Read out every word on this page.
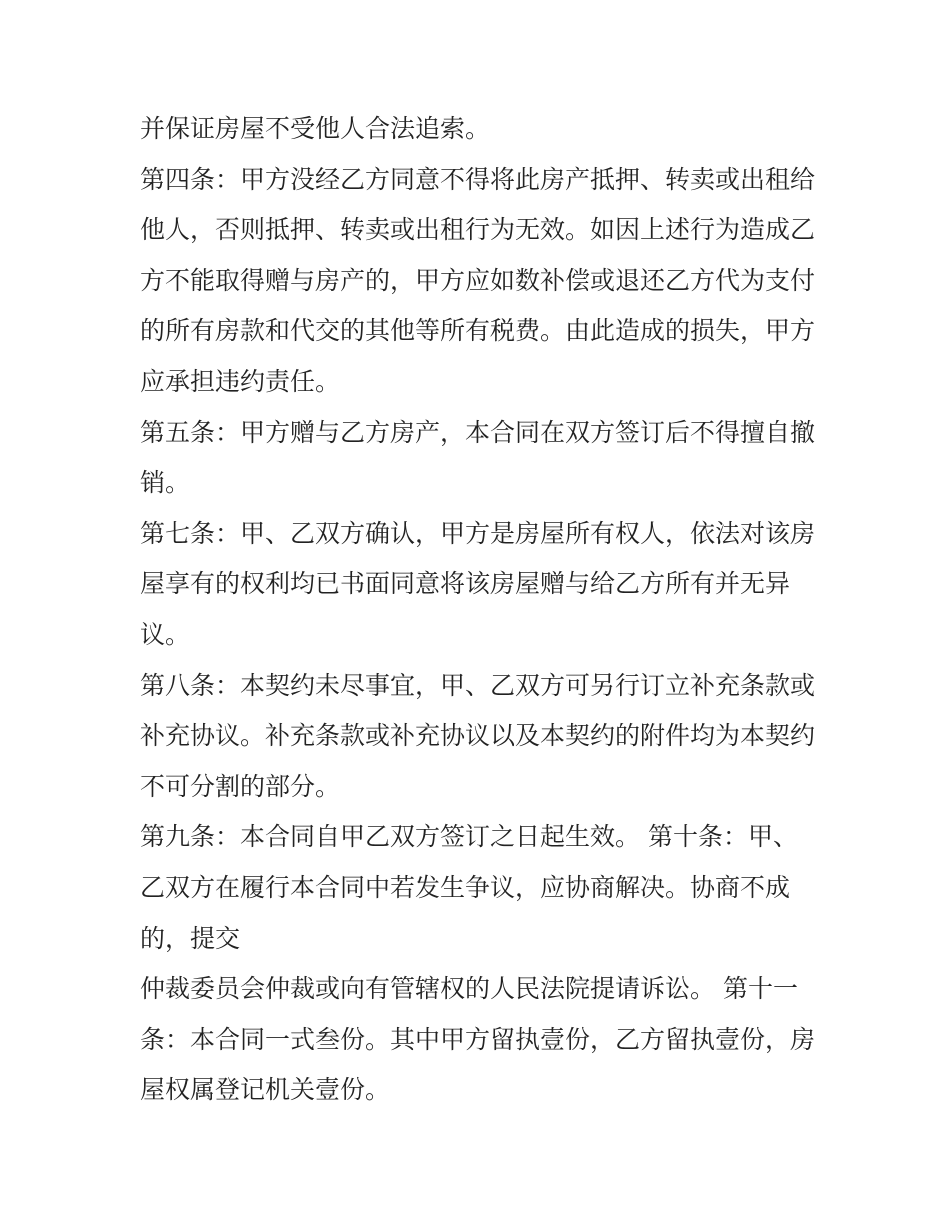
并保证房屋不受他人合法追索。

第四条：甲方没经乙方同意不得将此房产抵押、转卖或出租给

他人，否则抵押、转卖或出租行为无效。如因上述行为造成乙

方不能取得赠与房产的，甲方应如数补偿或退还乙方代为支付

的所有房款和代交的其他等所有税费。由此造成的损失，甲方

应承担违约责任。

第五条：甲方赠与乙方房产，本合同在双方签订后不得擅自撤

销。

第七条：甲、乙双方确认，甲方是房屋所有权人，依法对该房

屋享有的权利均已书面同意将该房屋赠与给乙方所有并无异

议。

第八条：本契约未尽事宜，甲、乙双方可另行订立补充条款或

补充协议。补充条款或补充协议以及本契约的附件均为本契约

不可分割的部分。

第九条：本合同自甲乙双方签订之日起生效。 第十条：甲、

乙双方在履行本合同中若发生争议，应协商解决。协商不成

的，提交

仲裁委员会仲裁或向有管辖权的人民法院提请诉讼。 第十一

条：本合同一式叁份。其中甲方留执壹份，乙方留执壹份，房

屋权属登记机关壹份。
